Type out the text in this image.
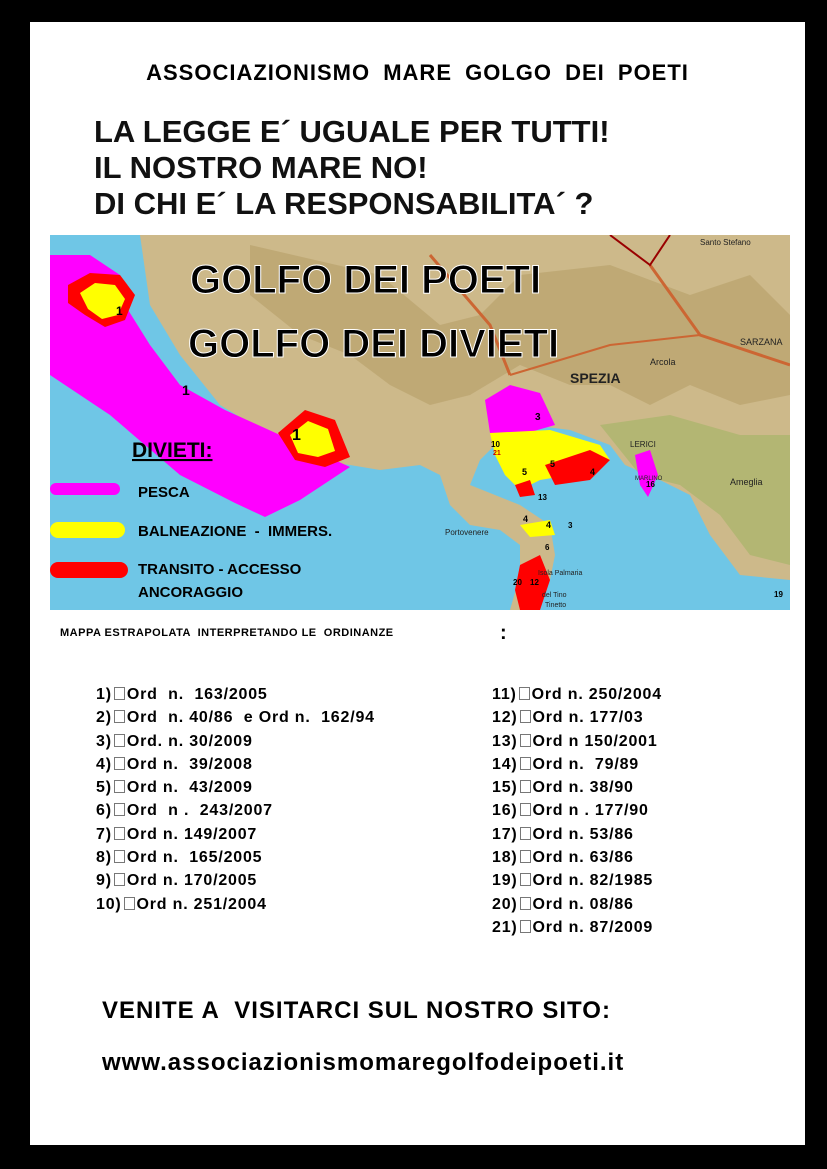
ASSOCIAZIONISMO MARE GOLGO DEI POETI
LA LEGGE E´ UGUALE PER TUTTI!
IL NOSTRO MARE NO!
DI CHI E´ LA RESPONSABILITA´ ?
GOLFO DEI POETI
GOLFO DEI DIVIETI
DIVIETI:
PESCA
BALNEAZIONE  -  IMMERS.
TRANSITO - ACCESSO
ANCORAGGIO
SPEZIA
LERICI
Portovenere
Isola Palmaria
del Tino
Tinetto
SARZANA
Arcola
Ameglia
MARLINO
Santo Stefano
1
1
1
3
10
21
5
5
4
16
13
4
4 3
6
20 12
19
MAPPA ESTRAPOLATA  INTERPRETANDO LE  ORDINANZE	:
1) Ord  n.  163/2005
2) Ord  n. 40/86  e Ord n.  162/94
3) Ord. n. 30/2009
4) Ord n.  39/2008
5) Ord n.  43/2009
6) Ord  n .  243/2007
7) Ord n. 149/2007
8) Ord n.  165/2005
9) Ord n. 170/2005
10) Ord n. 251/2004
11) Ord n. 250/2004
12) Ord n. 177/03
13) Ord n 150/2001
14) Ord n.  79/89
15) Ord n. 38/90
16) Ord n . 177/90
17) Ord n. 53/86
18) Ord n. 63/86
19) Ord n. 82/1985
20) Ord n. 08/86
21) Ord n. 87/2009
VENITE A  VISITARCI SUL NOSTRO SITO:
www.associazionismomaregolfodeipoeti.it
